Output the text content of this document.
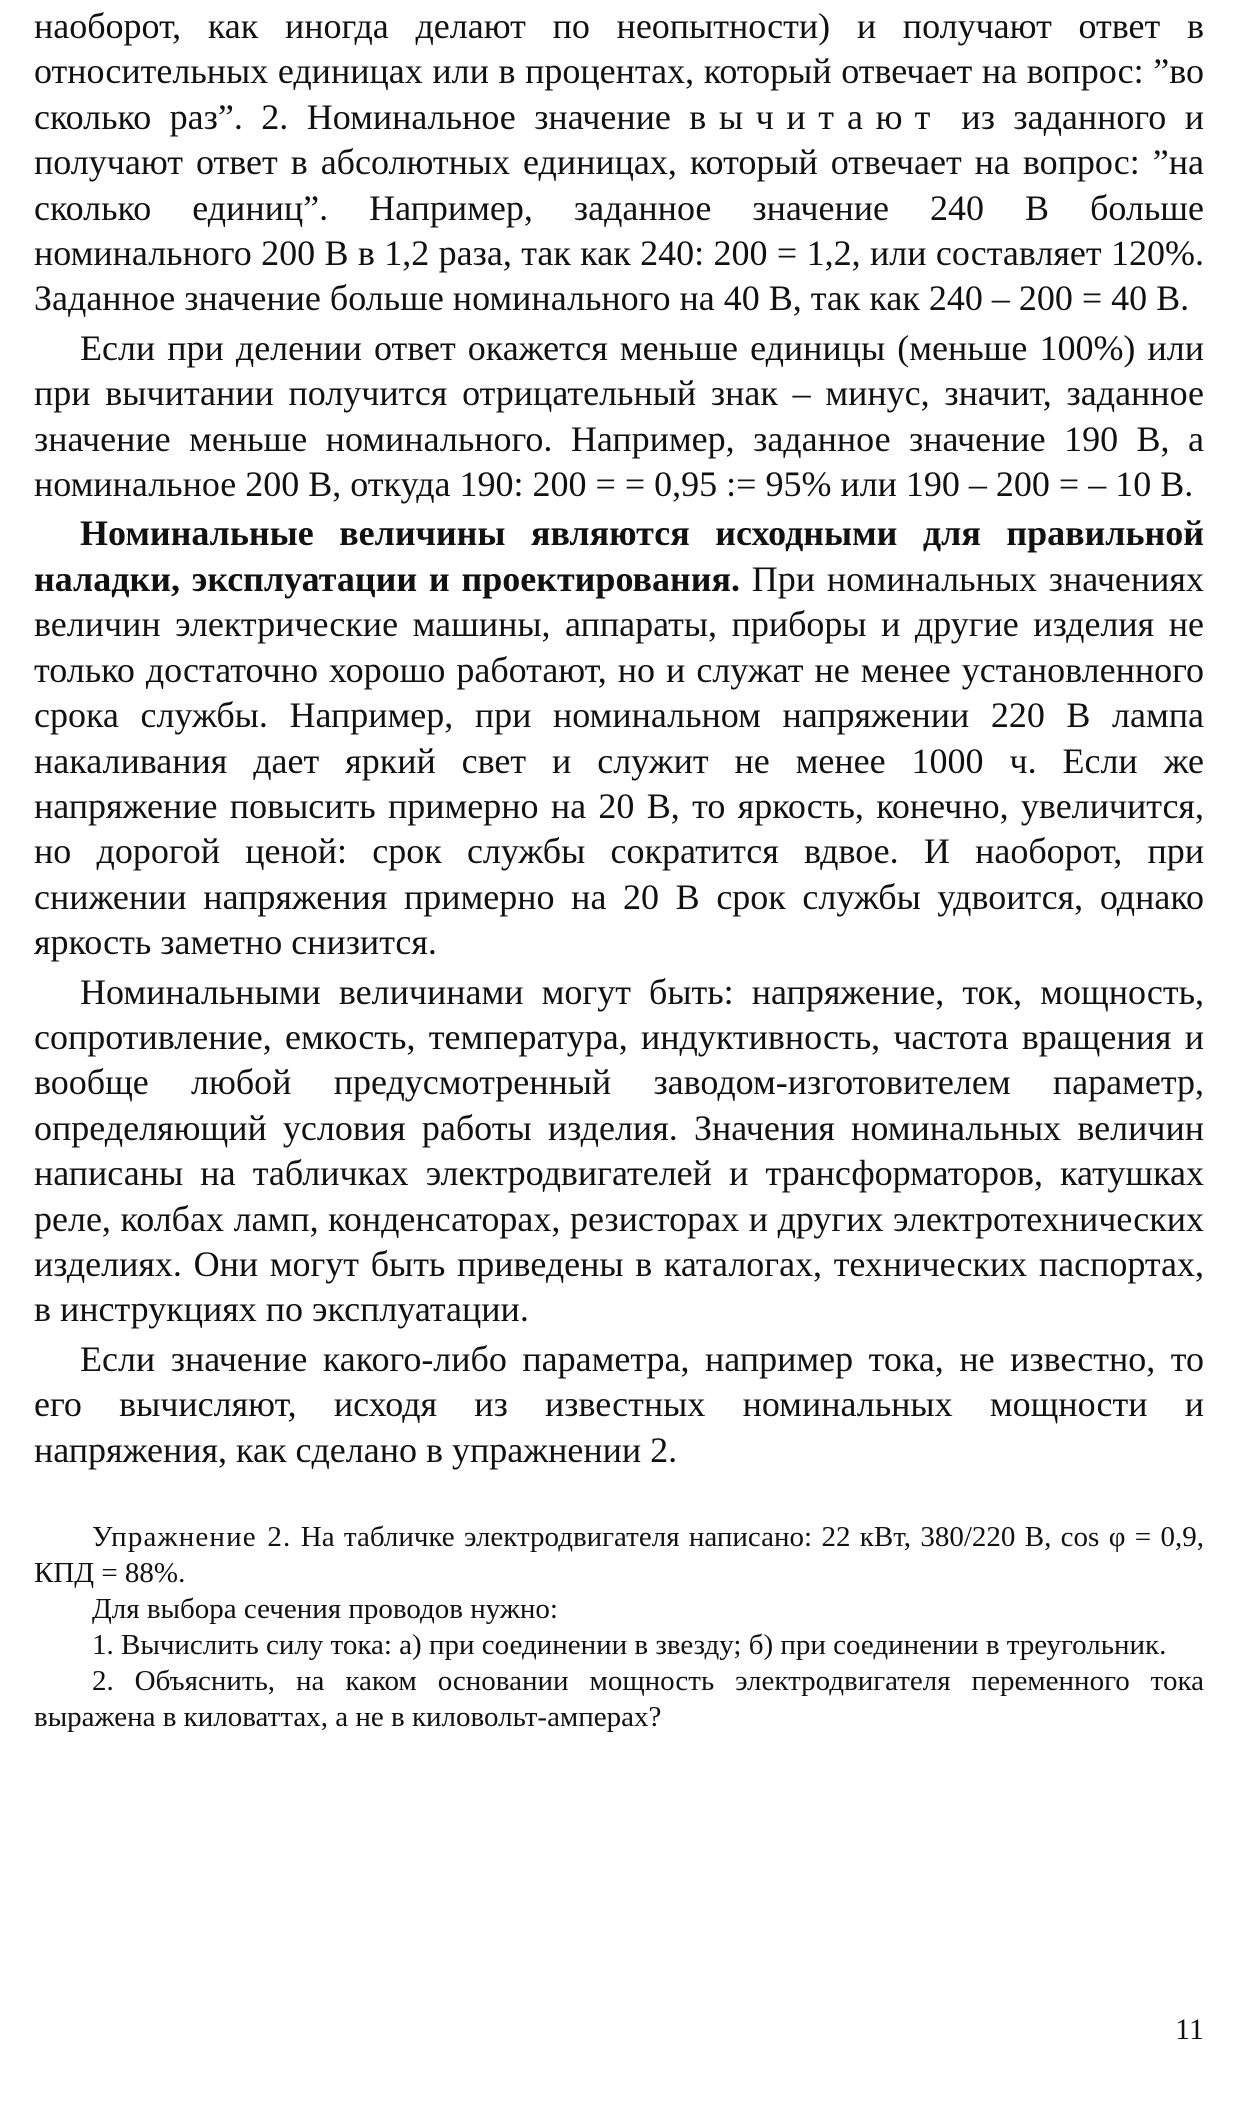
наоборот, как иногда делают по неопытности) и получают ответ в относительных единицах или в процентах, который отвечает на вопрос: ”во сколько раз”. 2. Номинальное значение вычитают из заданного и получают ответ в абсолютных единицах, который отвечает на вопрос: ”на сколько единиц”. Например, заданное значение 240 В больше номинального 200 В в 1,2 раза, так как 240: 200 = 1,2, или составляет 120%. Заданное значение больше номинального на 40 В, так как 240 – 200 = 40 В.

Если при делении ответ окажется меньше единицы (меньше 100%) или при вычитании получится отрицательный знак – минус, значит, заданное значение меньше номинального. Например, заданное значение 190 В, а номинальное 200 В, откуда 190: 200 = = 0,95 := 95% или 190 – 200 = – 10 В.

Номинальные величины являются исходными для правильной наладки, эксплуатации и проектирования. При номинальных значениях величин электрические машины, аппараты, приборы и другие изделия не только достаточно хорошо работают, но и служат не менее установленного срока службы. Например, при номинальном напряжении 220 В лампа накаливания дает яркий свет и служит не менее 1000 ч. Если же напряжение повысить примерно на 20 В, то яркость, конечно, увеличится, но дорогой ценой: срок службы сократится вдвое. И наоборот, при снижении напряжения примерно на 20 В срок службы удвоится, однако яркость заметно снизится.

Номинальными величинами могут быть: напряжение, ток, мощность, сопротивление, емкость, температура, индуктивность, частота вращения и вообще любой предусмотренный заводом-изготовителем параметр, определяющий условия работы изделия. Значения номинальных величин написаны на табличках электродвигателей и трансформаторов, катушках реле, колбах ламп, конденсаторах, резисторах и других электротехнических изделиях. Они могут быть приведены в каталогах, технических паспортах, в инструкциях по эксплуатации.

Если значение какого-либо параметра, например тока, не известно, то его вычисляют, исходя из известных номинальных мощности и напряжения, как сделано в упражнении 2.

Упражнение 2. На табличке электродвигателя написано: 22 кВт, 380/220 В, cos φ = 0,9, КПД = 88%.

Для выбора сечения проводов нужно:

1. Вычислить силу тока: а) при соединении в звезду; б) при соединении в треугольник.

2. Объяснить, на каком основании мощность электродвигателя переменного тока выражена в киловаттах, а не в киловольт-амперах?

11
